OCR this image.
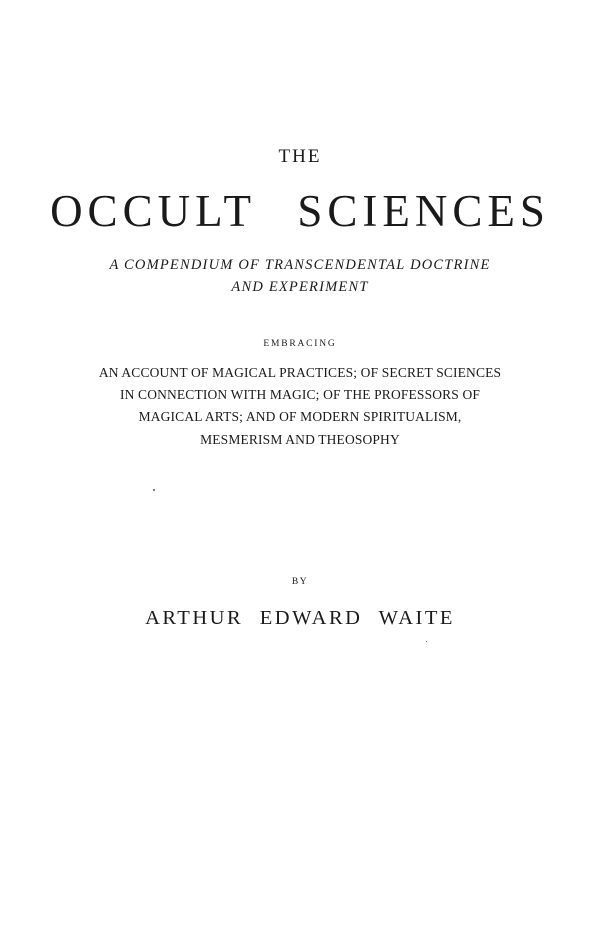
THE
OCCULT SCIENCES
A COMPENDIUM OF TRANSCENDENTAL DOCTRINE
AND EXPERIMENT
EMBRACING
AN ACCOUNT OF MAGICAL PRACTICES; OF SECRET SCIENCES
IN CONNECTION WITH MAGIC; OF THE PROFESSORS OF
MAGICAL ARTS; AND OF MODERN SPIRITUALISM,
MESMERISM AND THEOSOPHY
BY
ARTHUR EDWARD WAITE
